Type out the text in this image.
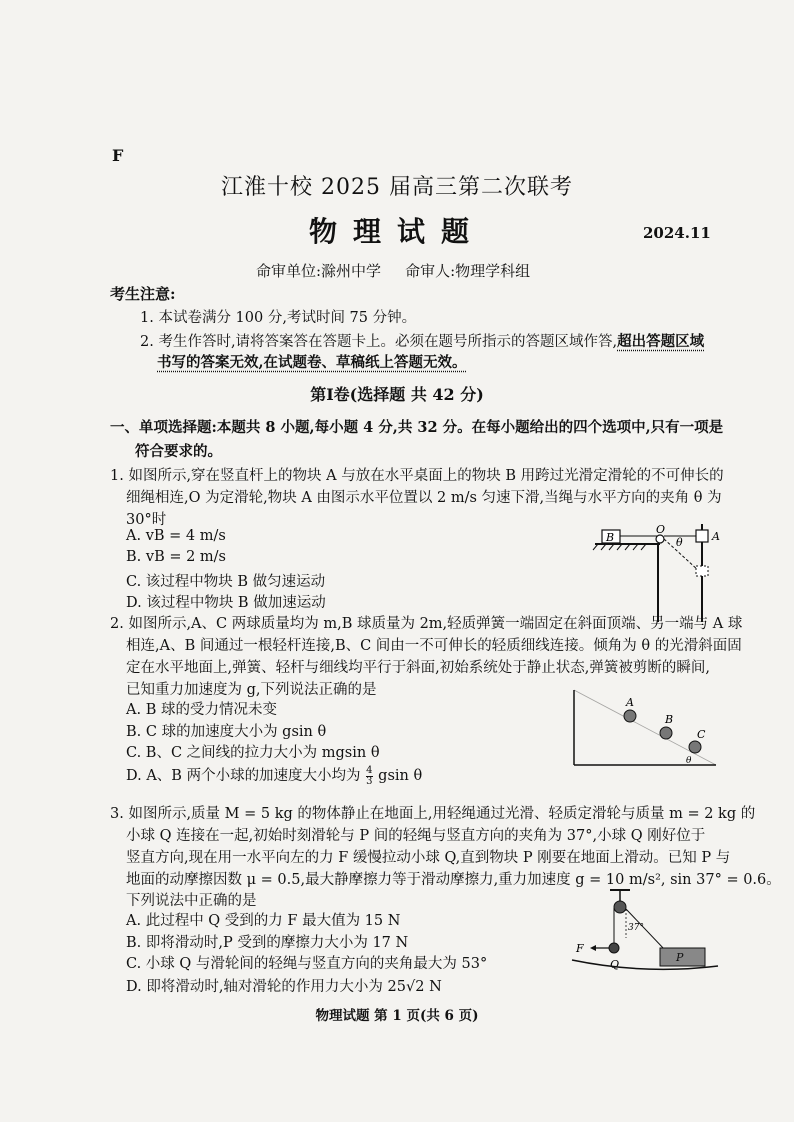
F
江淮十校 2025 届高三第二次联考
物理试题	2024.11
命审单位:滁州中学 命审人:物理学科组
考生注意:
1. 本试卷满分 100 分,考试时间 75 分钟。
2. 考生作答时,请将答案答在答题卡上。必须在题号所指示的答题区域作答,超出答题区域
书写的答案无效,在试题卷、草稿纸上答题无效。
第Ⅰ卷(选择题 共 42 分)
一、单项选择题:本题共 8 小题,每小题 4 分,共 32 分。在每小题给出的四个选项中,只有一项是
符合要求的。
1. 如图所示,穿在竖直杆上的物块 A 与放在水平桌面上的物块 B 用跨过光滑定滑轮的不可伸长的
细绳相连,O 为定滑轮,物块 A 由图示水平位置以 2 m/s 匀速下滑,当绳与水平方向的夹角 θ 为
30°时
A. vB = 4 m/s
B. vB = 2 m/s
C. 该过程中物块 B 做匀速运动
D. 该过程中物块 B 做加速运动
B
O
θ	A
2. 如图所示,A、C 两球质量均为 m,B 球质量为 2m,轻质弹簧一端固定在斜面顶端、另一端与 A 球
相连,A、B 间通过一根轻杆连接,B、C 间由一不可伸长的轻质细线连接。倾角为 θ 的光滑斜面固
定在水平地面上,弹簧、轻杆与细线均平行于斜面,初始系统处于静止状态,弹簧被剪断的瞬间,
已知重力加速度为 g,下列说法正确的是
A. B 球的受力情况未变
B. C 球的加速度大小为 gsin θ
C. B、C 之间线的拉力大小为 mgsin θ
D. A、B 两个小球的加速度大小均为 $\frac{4}{3}$ gsin θ
A
B
C
θ
3. 如图所示,质量 M = 5 kg 的物体静止在地面上,用轻绳通过光滑、轻质定滑轮与质量 m = 2 kg 的
小球 Q 连接在一起,初始时刻滑轮与 P 间的轻绳与竖直方向的夹角为 37°,小球 Q 刚好位于
竖直方向,现在用一水平向左的力 F 缓慢拉动小球 Q,直到物块 P 刚要在地面上滑动。已知 P 与
地面的动摩擦因数 μ = 0.5,最大静摩擦力等于滑动摩擦力,重力加速度 g = 10 m/s², sin 37° = 0.6。
下列说法中正确的是
A. 此过程中 Q 受到的力 F 最大值为 15 N
B. 即将滑动时,P 受到的摩擦力大小为 17 N
C. 小球 Q 与滑轮间的轻绳与竖直方向的夹角最大为 53°
D. 即将滑动时,轴对滑轮的作用力大小为 25√2 N
37°
F
Q
P
物理试题 第 1 页(共 6 页)
